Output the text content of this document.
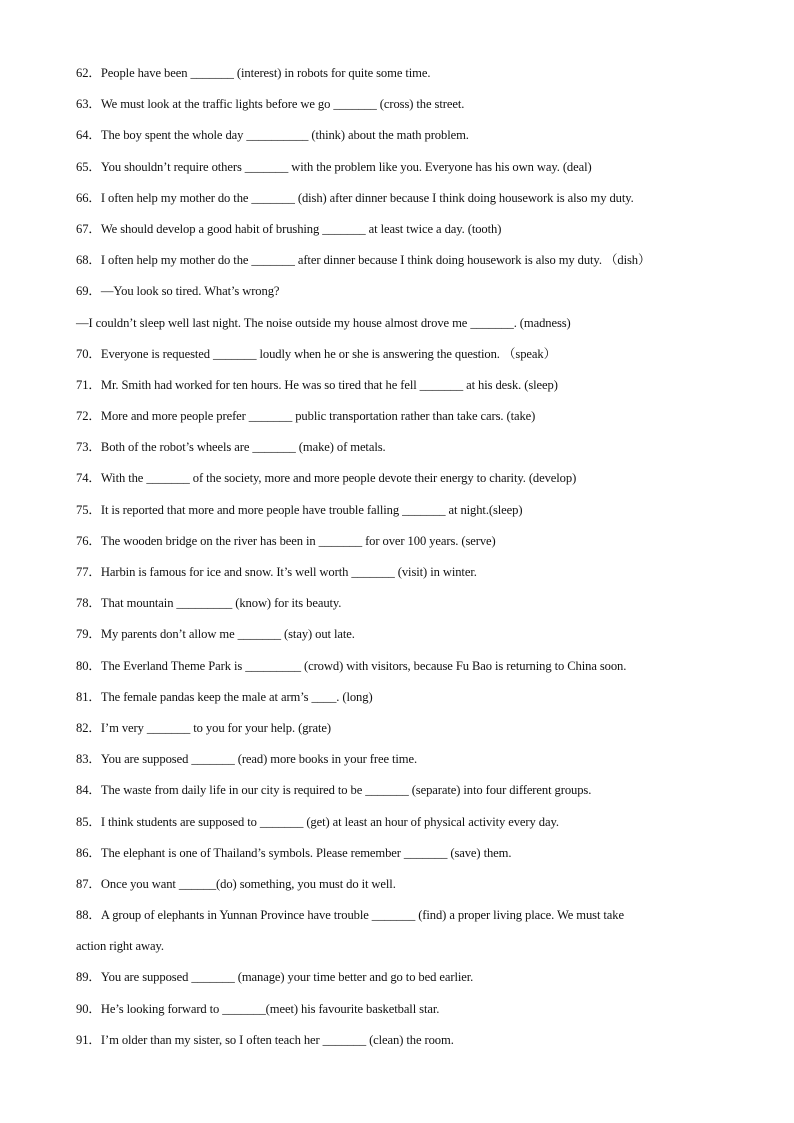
62．People have been _______ (interest) in robots for quite some time.
63．We must look at the traffic lights before we go _______ (cross) the street.
64．The boy spent the whole day __________ (think) about the math problem.
65．You shouldn’t require others _______ with the problem like you. Everyone has his own way. (deal)
66．I often help my mother do the _______ (dish) after dinner because I think doing housework is also my duty.
67．We should develop a good habit of brushing _______ at least twice a day. (tooth)
68．I often help my mother do the _______ after dinner because I think doing housework is also my duty. （dish）
69．—You look so tired. What’s wrong?
—I couldn’t sleep well last night. The noise outside my house almost drove me _______. (madness)
70．Everyone is requested _______ loudly when he or she is answering the question. （speak）
71．Mr. Smith had worked for ten hours. He was so tired that he fell _______ at his desk. (sleep)
72．More and more people prefer _______ public transportation rather than take cars. (take)
73．Both of the robot’s wheels are _______ (make) of metals.
74．With the _______ of the society, more and more people devote their energy to charity. (develop)
75．It is reported that more and more people have trouble falling _______ at night.(sleep)
76．The wooden bridge on the river has been in _______ for over 100 years. (serve)
77．Harbin is famous for ice and snow. It’s well worth _______ (visit) in winter.
78．That mountain _________ (know) for its beauty.
79．My parents don’t allow me _______ (stay) out late.
80．The Everland Theme Park is _________ (crowd) with visitors, because Fu Bao is returning to China soon.
81．The female pandas keep the male at arm’s ____. (long)
82．I’m very _______ to you for your help. (grate)
83．You are supposed _______ (read) more books in your free time.
84．The waste from daily life in our city is required to be _______ (separate) into four different groups.
85．I think students are supposed to _______ (get) at least an hour of physical activity every day.
86．The elephant is one of Thailand’s symbols. Please remember _______ (save) them.
87．Once you want ______(do) something, you must do it well.
88．A group of elephants in Yunnan Province have trouble _______ (find) a proper living place. We must take
action right away.
89．You are supposed _______ (manage) your time better and go to bed earlier.
90．He’s looking forward to _______(meet) his favourite basketball star.
91．I’m older than my sister, so I often teach her _______ (clean) the room.
